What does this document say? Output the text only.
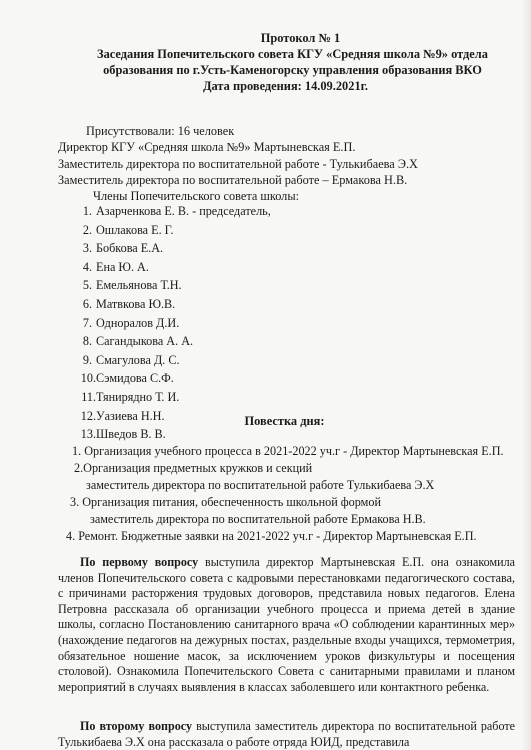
Протокол № 1
Заседания Попечительского совета КГУ «Средняя школа №9» отдела
образования по г.Усть-Каменогорску управления образования ВКО
Дата проведения: 14.09.2021г.
Присутствовали: 16 человек
Директор КГУ «Средняя школа №9» Мартыневская Е.П.
Заместитель директора по воспитательной работе - Тулькибаева Э.Х
Заместитель директора по воспитательной работе – Ермакова Н.В.
Члены Попечительского совета школы:
1. Азарченкова Е. В. - председатель,
2. Ошлакова Е. Г.
3. Бобкова Е.А.
4. Ена Ю. А.
5. Емельянова Т.Н.
6. Матвкова Ю.В.
7. Одноралов Д.И.
8. Сагандыкова А. А.
9. Смагулова Д. С.
10.Сэмидова С.Ф.
11.Тянирядно Т. И.
12.Уазиева Н.Н.
13.Шведов В. В.
Повестка дня:
1. Организация учебного процесса в 2021-2022 уч.г - Директор Мартыневская Е.П.
2.Организация предметных кружков и секций
заместитель директора по воспитательной работе Тулькибаева Э.Х
3. Организация питания, обеспеченность школьной формой
заместитель директора по воспитательной работе Ермакова Н.В.
4. Ремонт. Бюджетные заявки на 2021-2022 уч.г - Директор Мартыневская Е.П.

По первому вопросу выступила директор Мартыневская Е.П. она ознакомила членов Попечительского совета с кадровыми перестановками педагогического состава, с причинами расторжения трудовых договоров, представила новых педагогов. Елена Петровна рассказала об организации учебного процесса и приема детей в здание школы, согласно Постановлению санитарного врача «О соблюдении карантинных мер» (нахождение педагогов на дежурных постах, раздельные входы учащихся, термометрия, обязательное ношение масок, за исключением уроков физкультуры и посещения столовой). Ознакомила Попечительского Совета с санитарными правилами и планом мероприятий в случаях выявления в классах заболевшего или контактного ребенка.

По второму вопросу выступила заместитель директора по воспитательной работе Тулькибаева Э.Х она рассказала о работе отряда ЮИД, представила
